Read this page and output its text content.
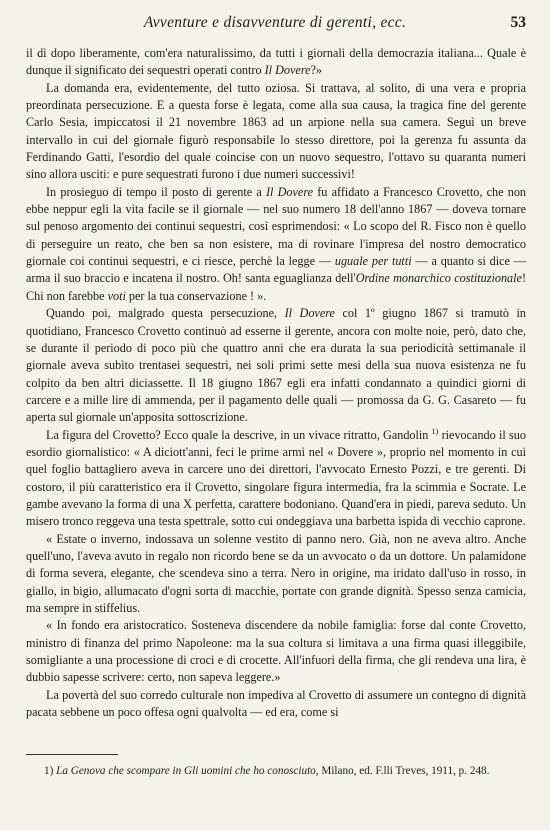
Avventure e disavventure di gerenti, ecc.	53

il dì dopo liberamente, com'era naturalissimo, da tutti i giornali della democrazia italiana... Quale è dunque il significato dei sequestri operati contro Il Dovere?»

La domanda era, evidentemente, del tutto oziosa. Si trattava, al solito, di una vera e propria preordinata persecuzione. E a questa forse è legata, come alla sua causa, la tragica fine del gerente Carlo Sesia, impiccatosi il 21 novembre 1863 ad un arpione nella sua camera. Seguì un breve intervallo in cui del giornale figurò responsabile lo stesso direttore, poi la gerenza fu assunta da Ferdinando Gatti, l'esordio del quale coincise con un nuovo sequestro, l'ottavo su quaranta numeri sino allora usciti: e pure sequestrati furono i due numeri successivi!

In prosieguo di tempo il posto di gerente a Il Dovere fu affidato a Francesco Crovetto, che non ebbe neppur egli la vita facile se il giornale — nel suo numero 18 dell'anno 1867 — doveva tornare sul penoso argomento dei continui sequestri, così esprimendosi: « Lo scopo del R. Fisco non è quello di perseguire un reato, che ben sa non esistere, ma di rovinare l'impresa del nostro democratico giornale coi continui sequestri, e ci riesce, perchè la legge — uguale per tutti — a quanto si dice — arma il suo braccio e incatena il nostro. Oh! santa eguaglianza dell'Ordine monarchico costituzionale! Chi non farebbe voti per la tua conservazione ! ».

Quando poi, malgrado questa persecuzione, Il Dovere col 1º giugno 1867 si tramutò in quotidiano, Francesco Crovetto continuò ad esserne il gerente, ancora con molte noie, però, dato che, se durante il periodo di poco più che quattro anni che era durata la sua periodicità settimanale il giornale aveva subìto trentasei sequestri, nei soli primi sette mesi della sua nuova esistenza ne fu colpito da ben altri diciassette. Il 18 giugno 1867 egli era infatti condannato a quindici giorni di carcere e a mille lire di ammenda, per il pagamento delle quali — promossa da G. G. Casareto — fu aperta sul giornale un'apposita sottoscrizione.

La figura del Crovetto? Ecco quale la descrive, in un vivace ritratto, Gandolin $^{1)}$ rievocando il suo esordio giornalistico: « A diciott'anni, feci le prime armi nel « Dovere », proprio nel momento in cui quel foglio battagliero aveva in carcere uno dei direttori, l'avvocato Ernesto Pozzi, e tre gerenti. Di costoro, il più caratteristico era il Crovetto, singolare figura intermedia, fra la scimmia e Socrate. Le gambe avevano la forma di una X perfetta, carattere bodoniano. Quand'era in piedi, pareva seduto. Un misero tronco reggeva una testa spettrale, sotto cui ondeggiava una barbetta ispida di vecchio caprone.

« Estate o inverno, indossava un solenne vestito di panno nero. Già, non ne aveva altro. Anche quell'uno, l'aveva avuto in regalo non ricordo bene se da un avvocato o da un dottore. Un palamidone di forma severa, elegante, che scendeva sino a terra. Nero in origine, ma iridato dall'uso in rosso, in giallo, in bigio, allumacato d'ogni sorta di macchie, portate con grande dignità. Spesso senza camicia, ma sempre in stiffelius.

« In fondo era aristocratico. Sosteneva discendere da nobile famiglia: forse dal conte Crovetto, ministro di finanza del primo Napoleone: ma la sua coltura si limitava a una firma quasi illeggibile, somigliante a una processione di croci e di crocette. All'infuori della firma, che gli rendeva una lira, è dubbio sapesse scrivere: certo, non sapeva leggere.»

La povertà del suo corredo culturale non impediva al Crovetto di assumere un contegno di dignità pacata sebbene un poco offesa ogni qualvolta — ed era, come si

1) La Genova che scompare in Gli uomini che ho conosciuto, Milano, ed. F.lli Treves, 1911, p. 248.
